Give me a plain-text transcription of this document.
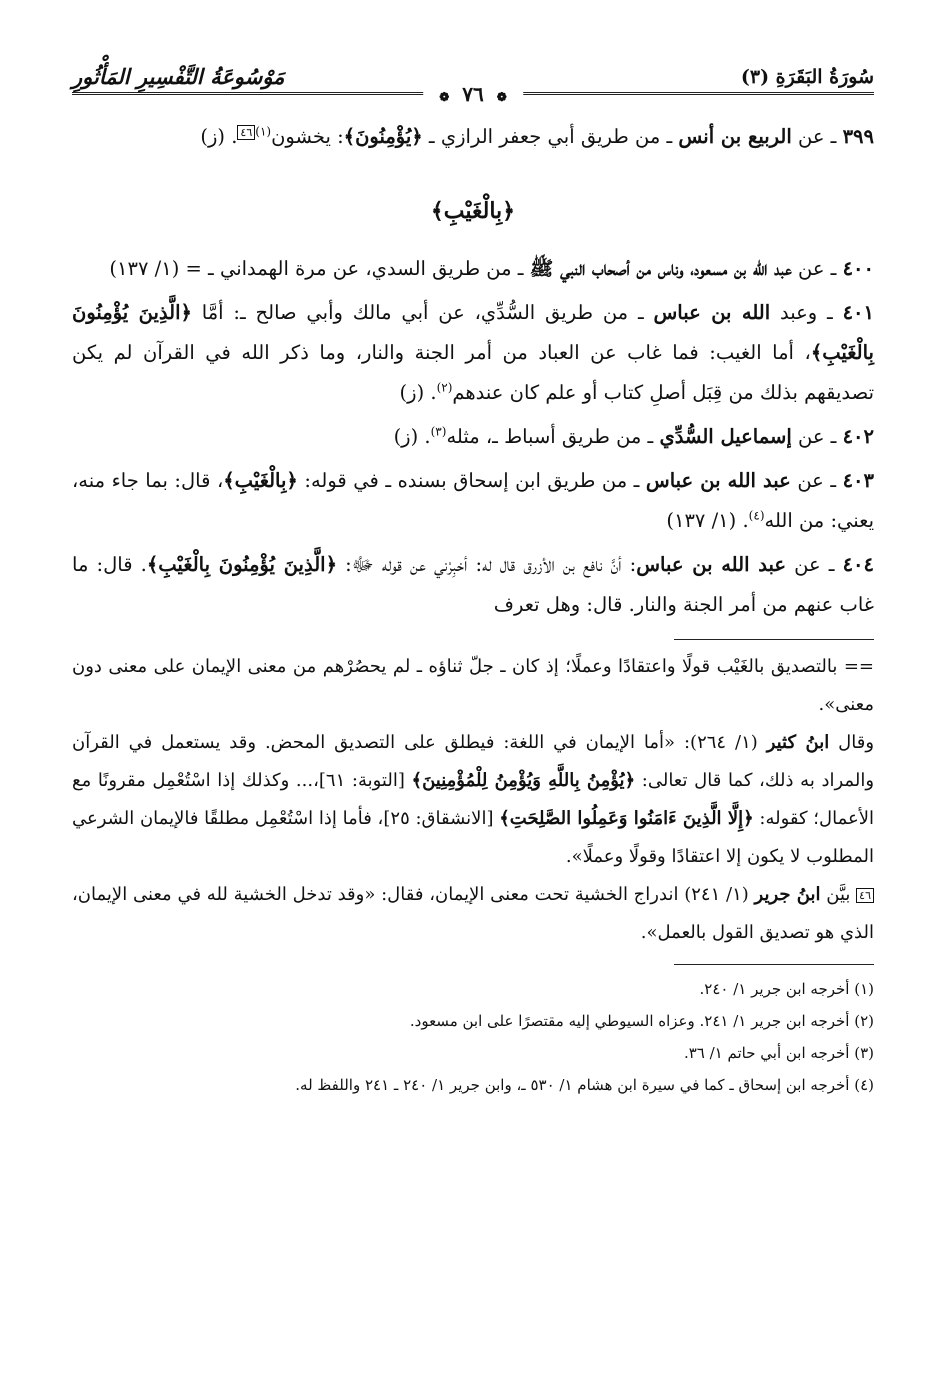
سُورَةُ البَقَرَةِ (٣)
❁ ٧٦ ❁
مَوْسُوعَةُ التَّفْسِيرِ المَأْثُورِ

٣٩٩ ـ عن الربيع بن أنس ـ من طريق أبي جعفر الرازي ـ ﴿يُؤْمِنُونَ﴾: يخشون$^{(١)}$٤٦. (ز)

﴿بِالْغَيْبِ﴾

٤٠٠ ـ عن عبد الله بن مسعود، وناس من أصحاب النبي ﷺ ـ من طريق السدي، عن مرة الهمداني ـ = (١/ ١٣٧)

٤٠١ ـ وعبد الله بن عباس ـ من طريق السُّدِّي، عن أبي مالك وأبي صالح ـ: أمَّا ﴿الَّذِينَ يُؤْمِنُونَ بِالْغَيْبِ﴾، أما الغيب: فما غاب عن العباد من أمر الجنة والنار، وما ذكر الله في القرآن لم يكن تصديقهم بذلك من قِبَل أصلِ كتاب أو علم كان عندهم$^{(٢)}$. (ز)

٤٠٢ ـ عن إسماعيل السُّدِّي ـ من طريق أسباط ـ، مثله$^{(٣)}$. (ز)

٤٠٣ ـ عن عبد الله بن عباس ـ من طريق ابن إسحاق بسنده ـ في قوله: ﴿بِالْغَيْبِ﴾، قال: بما جاء منه، يعني: من الله$^{(٤)}$. (١/ ١٣٧)

٤٠٤ ـ عن عبد الله بن عباس: أنَّ نافع بن الأزرق قال له: أخبِرْني عن قوله ﷻ: ﴿الَّذِينَ يُؤْمِنُونَ بِالْغَيْبِ﴾. قال: ما غاب عنهم من أمر الجنة والنار. قال: وهل تعرف

== بالتصديق بالغَيْب قولًا واعتقادًا وعملًا؛ إذ كان ـ جلّ ثناؤه ـ لم يحصُرْهم من معنى الإيمان على معنى دون معنى».

وقال ابنُ كثير (١/ ٢٦٤): «أما الإيمان في اللغة: فيطلق على التصديق المحض. وقد يستعمل في القرآن والمراد به ذلك، كما قال تعالى: ﴿يُؤْمِنُ بِاللَّهِ وَيُؤْمِنُ لِلْمُؤْمِنِينَ﴾ [التوبة: ٦١]،... وكذلك إذا اسْتُعْمِل مقرونًا مع الأعمال؛ كقوله: ﴿إِلَّا الَّذِينَ ءَامَنُوا وَعَمِلُوا الصَّلِحَتِ﴾ [الانشقاق: ٢٥]، فأما إذا اسْتُعْمِل مطلقًا فالإيمان الشرعي المطلوب لا يكون إلا اعتقادًا وقولًا وعملًا».

٤٦ بيَّن ابنُ جرير (١/ ٢٤١) اندراج الخشية تحت معنى الإيمان، فقال: «وقد تدخل الخشية لله في معنى الإيمان، الذي هو تصديق القول بالعمل».

(١) أخرجه ابن جرير ١/ ٢٤٠.

(٢) أخرجه ابن جرير ١/ ٢٤١. وعزاه السيوطي إليه مقتصرًا على ابن مسعود.

(٣) أخرجه ابن أبي حاتم ١/ ٣٦.

(٤) أخرجه ابن إسحاق ـ كما في سيرة ابن هشام ١/ ٥٣٠ ـ، وابن جرير ١/ ٢٤٠ ـ ٢٤١ واللفظ له.
